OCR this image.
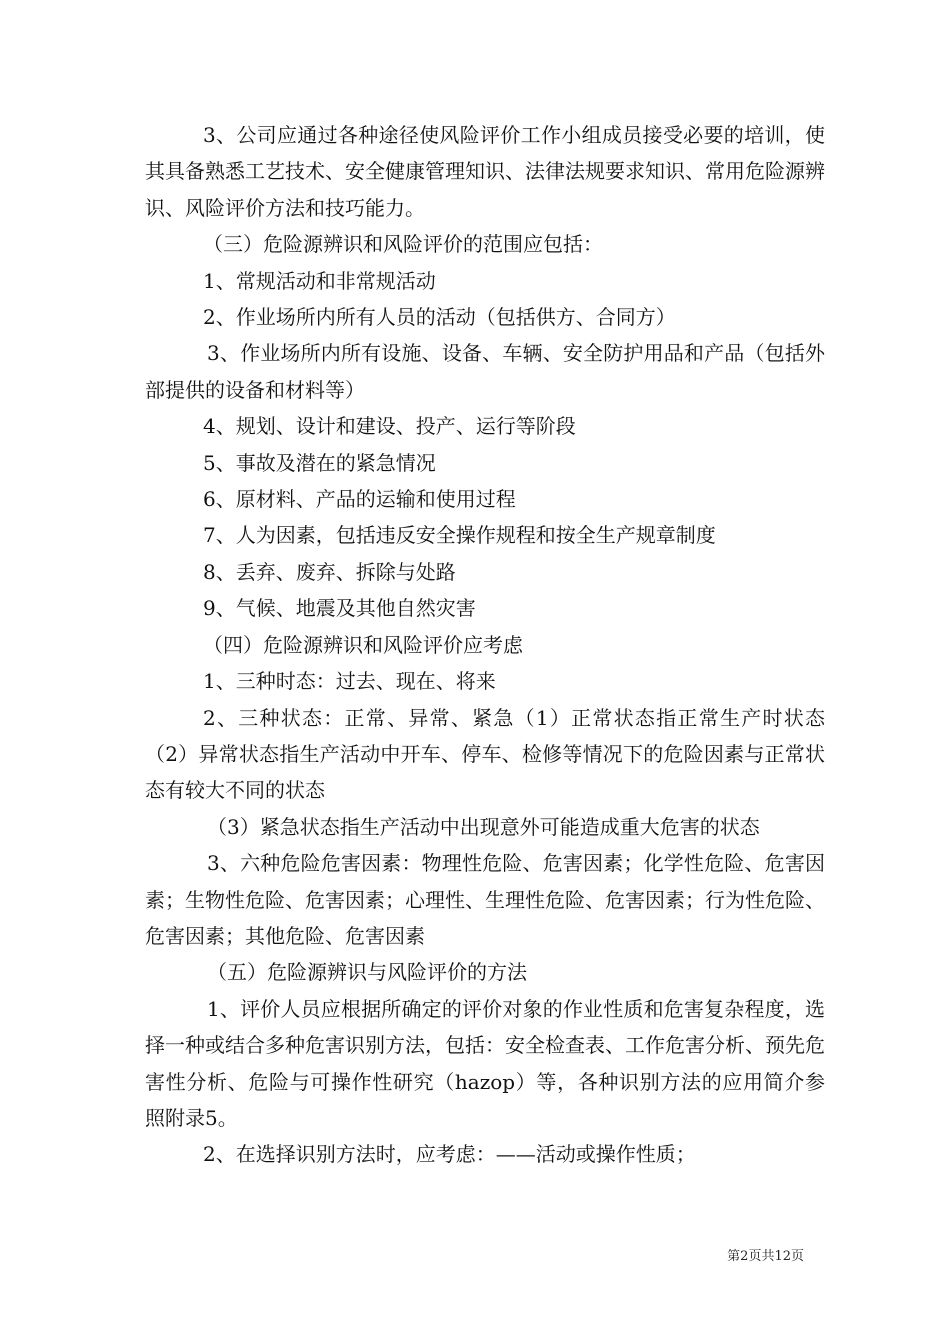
3、公司应通过各种途径使风险评价工作小组成员接受必要的培训，使其具备熟悉工艺技术、安全健康管理知识、法律法规要求知识、常用危险源辨识、风险评价方法和技巧能力。

（三）危险源辨识和风险评价的范围应包括：

1、常规活动和非常规活动

2、作业场所内所有人员的活动（包括供方、合同方）

3、作业场所内所有设施、设备、车辆、安全防护用品和产品（包括外部提供的设备和材料等）

4、规划、设计和建设、投产、运行等阶段

5、事故及潜在的紧急情况

6、原材料、产品的运输和使用过程

7、人为因素，包括违反安全操作规程和按全生产规章制度

8、丢弃、废弃、拆除与处路

9、气候、地震及其他自然灾害

（四）危险源辨识和风险评价应考虑

1、三种时态：过去、现在、将来

2、三种状态：正常、异常、紧急（1）正常状态指正常生产时状态（2）异常状态指生产活动中开车、停车、检修等情况下的危险因素与正常状态有较大不同的状态

（3）紧急状态指生产活动中出现意外可能造成重大危害的状态

3、六种危险危害因素：物理性危险、危害因素；化学性危险、危害因素；生物性危险、危害因素；心理性、生理性危险、危害因素；行为性危险、危害因素；其他危险、危害因素

（五）危险源辨识与风险评价的方法

1、评价人员应根据所确定的评价对象的作业性质和危害复杂程度，选择一种或结合多种危害识别方法，包括：安全检查表、工作危害分析、预先危害性分析、危险与可操作性研究（hazop）等，各种识别方法的应用简介参照附录5。

2、在选择识别方法时，应考虑：——活动或操作性质；

第2页共12页
